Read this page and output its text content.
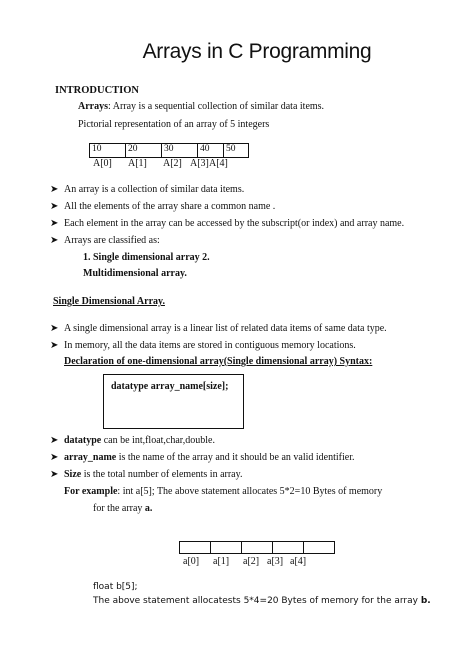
Arrays in C Programming
INTRODUCTION
Arrays: Array is a sequential collection of similar data items.
Pictorial representation of an array of 5 integers
10	20	30	40	50
A[0] A[1] A[2] A[3] A[4]
➤ An array is a collection of similar data items.
➤ All the elements of the array share a common name .
➤ Each element in the array can be accessed by the subscript(or index) and array name.
➤ Arrays are classified as:
1. Single dimensional array 2.
Multidimensional array.
Single Dimensional Array.
➤ A single dimensional array is a linear list of related data items of same data type.
➤ In memory, all the data items are stored in contiguous memory locations.
Declaration of one-dimensional array(Single dimensional array) Syntax:
datatype array_name[size];
➤ datatype can be int,float,char,double.
➤ array_name is the name of the array and it should be an valid identifier.
➤ Size is the total number of elements in array.
For example: int a[5]; The above statement allocates 5*2=10 Bytes of memory
for the array a.

a[0] a[1] a[2] a[3] a[4]
float b[5];
The above statement allocatests 5*4=20 Bytes of memory for the array b.
